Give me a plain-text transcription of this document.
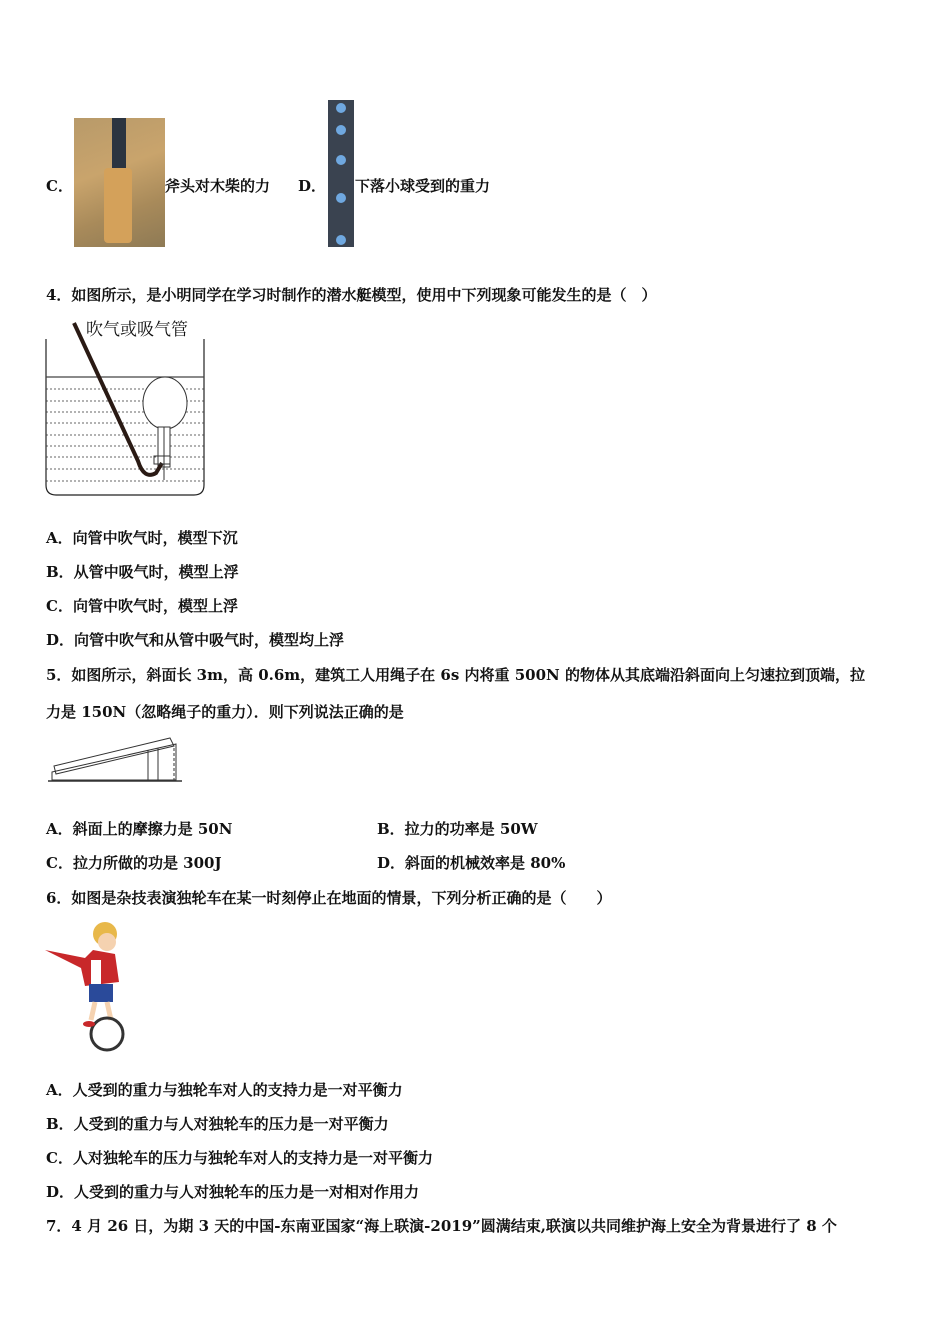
C．	斧头对木柴的力 D． 下落小球受到的重力
4．如图所示，是小明同学在学习时制作的潜水艇模型，使用中下列现象可能发生的是（　）
吹气或吸气管
A．向管中吹气时，模型下沉
B．从管中吸气时，模型上浮
C．向管中吹气时，模型上浮
D．向管中吹气和从管中吸气时，模型均上浮
5．如图所示，斜面长 3m，高 0.6m，建筑工人用绳子在 6s 内将重 500N 的物体从其底端沿斜面向上匀速拉到顶端，拉
力是 150N（忽略绳子的重力）．则下列说法正确的是
A．斜面上的摩擦力是 50N	B．拉力的功率是 50W
C．拉力所做的功是 300J	D．斜面的机械效率是 80%
6．如图是杂技表演独轮车在某一时刻停止在地面的情景，下列分析正确的是（　　）
A．人受到的重力与独轮车对人的支持力是一对平衡力
B．人受到的重力与人对独轮车的压力是一对平衡力
C．人对独轮车的压力与独轮车对人的支持力是一对平衡力
D．人受到的重力与人对独轮车的压力是一对相对作用力
7．4 月 26 日，为期 3 天的中国-东南亚国家“海上联演-2019”圆满结束,联演以共同维护海上安全为背景进行了 8 个
